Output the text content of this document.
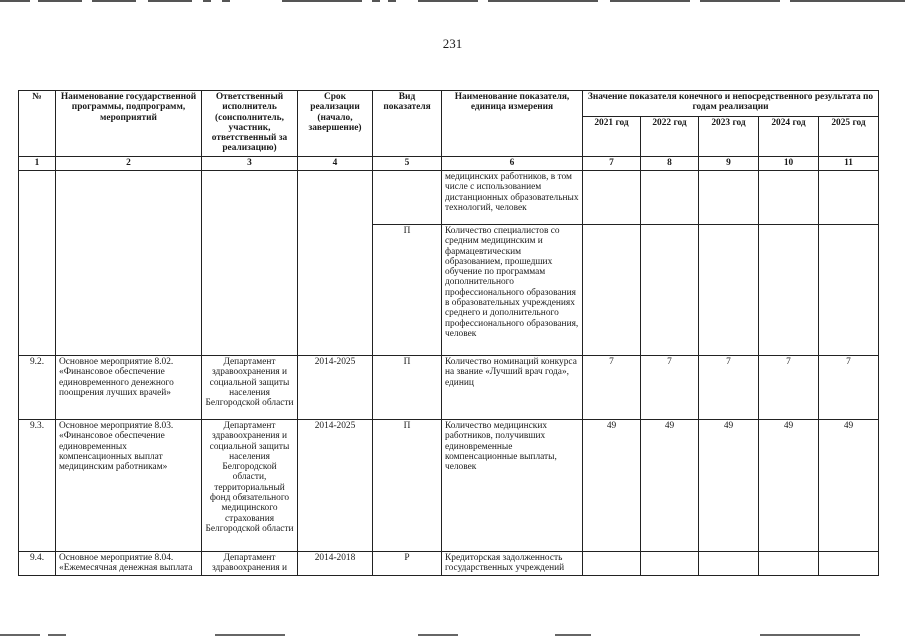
231
№	Наименование государственной программы, подпрограмм, мероприятий	Ответственный исполнитель (соисполнитель, участник, ответственный за реализацию)	Срок реализации (начало, завершение)	Вид показателя	Наименование показателя, единица измерения	Значение показателя конечного и непосредственного результата по годам реализации				
						2021 год	2022 год	2023 год	2024 год	2025 год
1	2	3	4	5	6	7	8	9	10	11
					медицинских работников, в том числе с использованием дистанционных образовательных технологий, человек					
				П	Количество специалистов со средним медицинским и фармацевтическим образованием, прошедших обучение по программам дополнительного профессионального образования в образовательных учреждениях среднего и дополнительного профессионального образования, человек					
9.2.	Основное мероприятие 8.02. «Финансовое обеспечение единовременного денежного поощрения лучших врачей»	Департамент здравоохранения и социальной защиты населения Белгородской области	2014-2025	П	Количество номинаций конкурса на звание «Лучший врач года», единиц	7	7	7	7	7
9.3.	Основное мероприятие 8.03. «Финансовое обеспечение единовременных компенсационных выплат медицинским работникам»	Департамент здравоохранения и социальной защиты населения Белгородской области, территориальный фонд обязательного медицинского страхования Белгородской области	2014-2025	П	Количество медицинских работников, получивших единовременные компенсационные выплаты, человек	49	49	49	49	49
9.4.	Основное мероприятие 8.04. «Ежемесячная денежная выплата	Департамент здравоохранения и	2014-2018	Р	Кредиторская задолженность государственных учреждений					
